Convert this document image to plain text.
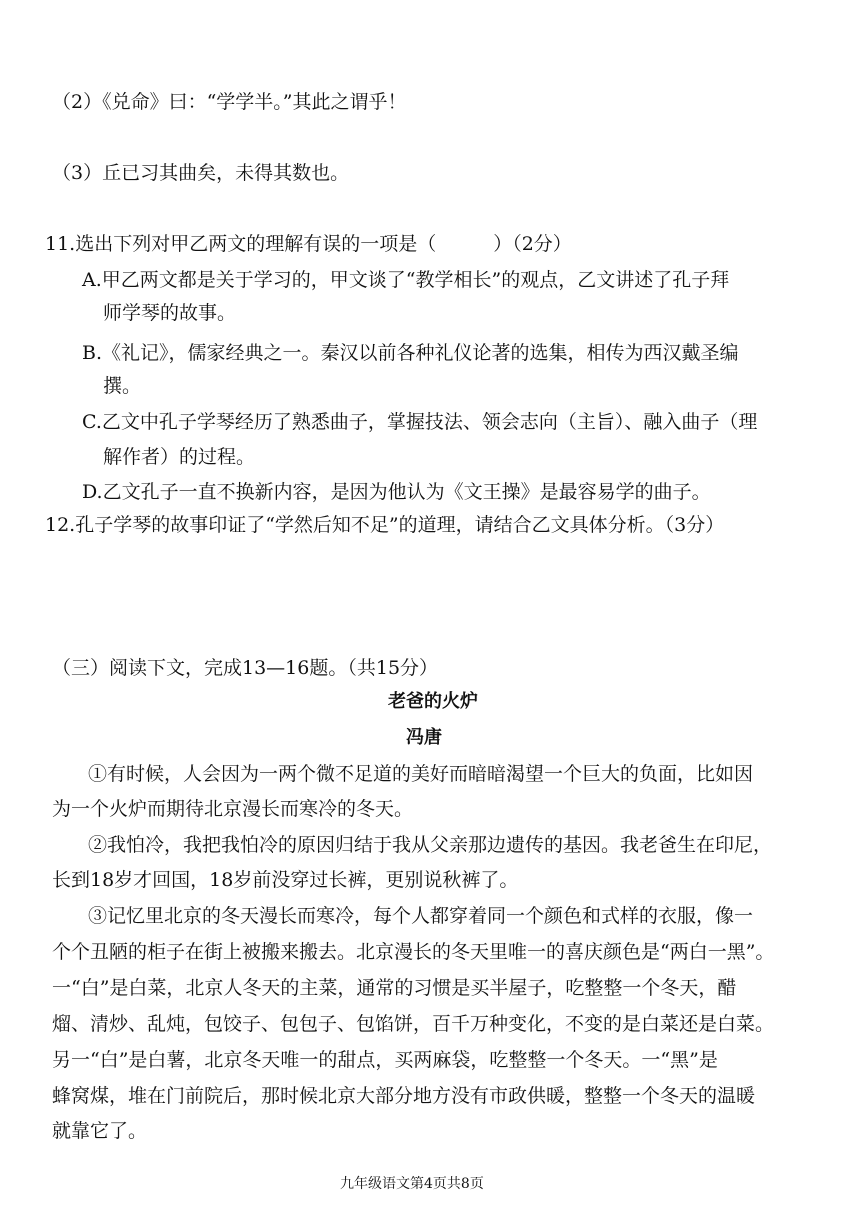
（2）《兑命》曰：“学学半。”其此之谓乎！
（3）丘已习其曲矣，未得其数也。
11.选出下列对甲乙两文的理解有误的一项是（　　　）（2分）
A.甲乙两文都是关于学习的，甲文谈了“教学相长”的观点，乙文讲述了孔子拜
师学琴的故事。
B.《礼记》，儒家经典之一。秦汉以前各种礼仪论著的选集，相传为西汉戴圣编
撰。
C.乙文中孔子学琴经历了熟悉曲子，掌握技法、领会志向（主旨）、融入曲子（理
解作者）的过程。
D.乙文孔子一直不换新内容，是因为他认为《文王操》是最容易学的曲子。
12.孔子学琴的故事印证了“学然后知不足”的道理，请结合乙文具体分析。（3分）
（三）阅读下文，完成13—16题。（共15分）
老爸的火炉
冯唐
①有时候，人会因为一两个微不足道的美好而暗暗渴望一个巨大的负面，比如因
为一个火炉而期待北京漫长而寒冷的冬天。
②我怕冷，我把我怕冷的原因归结于我从父亲那边遗传的基因。我老爸生在印尼，
长到18岁才回国，18岁前没穿过长裤，更别说秋裤了。
③记忆里北京的冬天漫长而寒冷，每个人都穿着同一个颜色和式样的衣服，像一
个个丑陋的柜子在街上被搬来搬去。北京漫长的冬天里唯一的喜庆颜色是“两白一黑”。
一“白”是白菜，北京人冬天的主菜，通常的习惯是买半屋子，吃整整一个冬天，醋
熘、清炒、乱炖，包饺子、包包子、包馅饼，百千万种变化，不变的是白菜还是白菜。
另一“白”是白薯，北京冬天唯一的甜点，买两麻袋，吃整整一个冬天。一“黑”是
蜂窝煤，堆在门前院后，那时候北京大部分地方没有市政供暖，整整一个冬天的温暖
就靠它了。
九年级语文第4页共8页
